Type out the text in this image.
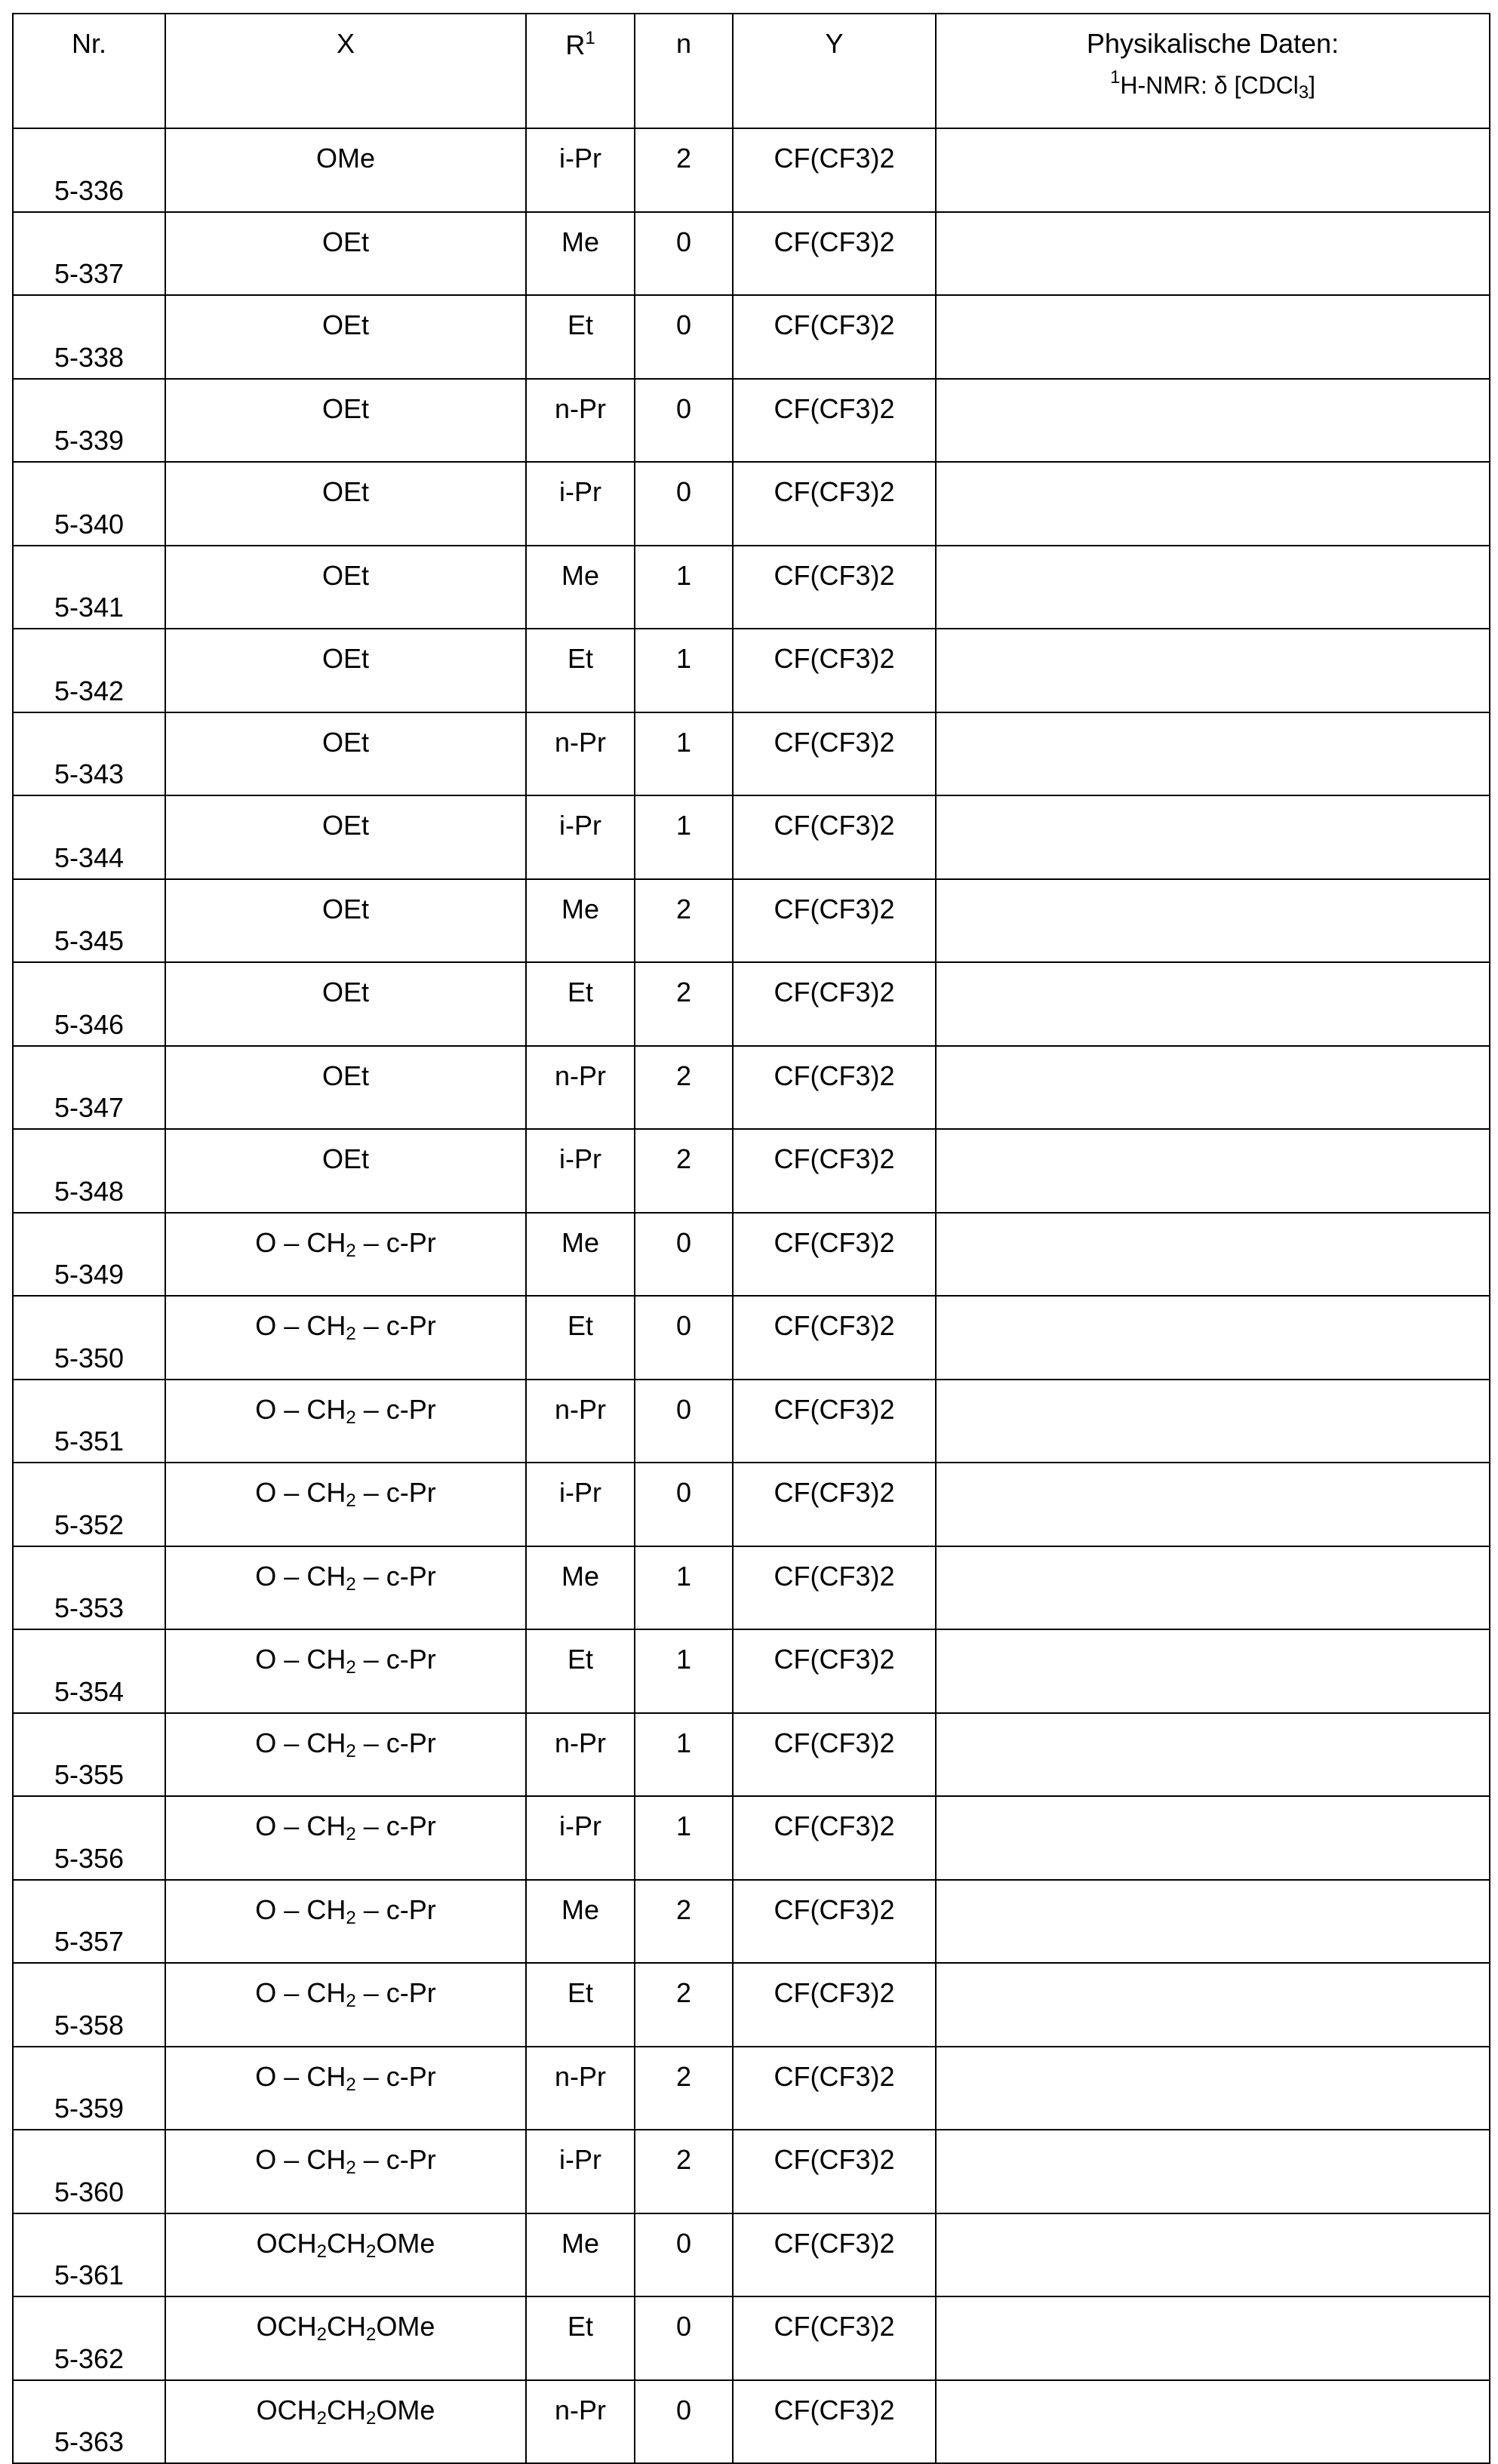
Nr.	X	R1	n	Y	Physikalische Daten:
1H-NMR: δ [CDCl3]

5-336	OMe	i-Pr	2	CF(CF3)2	
5-337	OEt	Me	0	CF(CF3)2	
5-338	OEt	Et	0	CF(CF3)2	
5-339	OEt	n-Pr	0	CF(CF3)2	
5-340	OEt	i-Pr	0	CF(CF3)2	
5-341	OEt	Me	1	CF(CF3)2	
5-342	OEt	Et	1	CF(CF3)2	
5-343	OEt	n-Pr	1	CF(CF3)2	
5-344	OEt	i-Pr	1	CF(CF3)2	
5-345	OEt	Me	2	CF(CF3)2	
5-346	OEt	Et	2	CF(CF3)2	
5-347	OEt	n-Pr	2	CF(CF3)2	
5-348	OEt	i-Pr	2	CF(CF3)2	
5-349	O – CH2 – c-Pr	Me	0	CF(CF3)2	
5-350	O – CH2 – c-Pr	Et	0	CF(CF3)2	
5-351	O – CH2 – c-Pr	n-Pr	0	CF(CF3)2	
5-352	O – CH2 – c-Pr	i-Pr	0	CF(CF3)2	
5-353	O – CH2 – c-Pr	Me	1	CF(CF3)2	
5-354	O – CH2 – c-Pr	Et	1	CF(CF3)2	
5-355	O – CH2 – c-Pr	n-Pr	1	CF(CF3)2	
5-356	O – CH2 – c-Pr	i-Pr	1	CF(CF3)2	
5-357	O – CH2 – c-Pr	Me	2	CF(CF3)2	
5-358	O – CH2 – c-Pr	Et	2	CF(CF3)2	
5-359	O – CH2 – c-Pr	n-Pr	2	CF(CF3)2	
5-360	O – CH2 – c-Pr	i-Pr	2	CF(CF3)2	
5-361	OCH2CH2OMe	Me	0	CF(CF3)2	
5-362	OCH2CH2OMe	Et	0	CF(CF3)2	
5-363	OCH2CH2OMe	n-Pr	0	CF(CF3)2	
